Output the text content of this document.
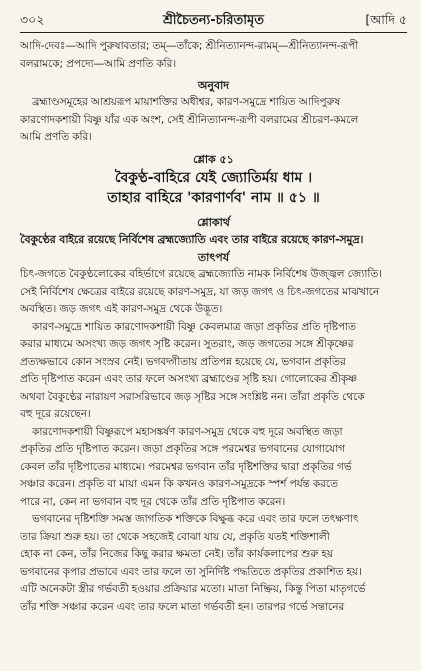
৩০২	শ্রীচৈতন্য-চরিতামৃত	[আদি ৫
আদি-দেবঃ—আদি পুরুষাবতার; তম্—তাঁকে; শ্রীনিত্যানন্দ-রামম্—শ্রীনিত্যানন্দ-রূপী
বলরামকে; প্রপদ্যে—আমি প্রণতি করি।
অনুবাদ
ব্রহ্মাণ্ডসমূহের আশ্রয়রূপ মায়াশক্তির অধীশ্বর, কারণ-সমুদ্রে শায়িত আদিপুরুষ
কারণোদকশায়ী বিষ্ণু যাঁর এক অংশ, সেই শ্রীনিত্যানন্দ-রূপী বলরামের শ্রীচরণ-কমলে
আমি প্রণতি করি।
শ্লোক ৫১
বৈকুণ্ঠ-বাহিরে যেই জ্যোতির্ময় ধাম ।
তাহার বাহিরে 'কারণার্ণব' নাম ॥ ৫১ ॥
শ্লোকার্থ
বৈকুণ্ঠের বাইরে রয়েছে নির্বিশেষ ব্রহ্মজ্যোতি এবং তার বাইরে রয়েছে কারণ-সমুদ্র।
তাৎপর্য
চিৎ-জগতে বৈকুণ্ঠলোকের বহির্ভাগে রয়েছে ব্রহ্মজ্যোতি নামক নির্বিশেষ উজ্জ্বল জ্যোতি।
সেই নির্বিশেষ ক্ষেত্রের বাইরে রয়েছে কারণ-সমুদ্র, যা জড় জগৎ ও চিৎ-জগতের মাঝখানে
অবস্থিত। জড় জগৎ এই কারণ-সমুদ্র থেকে উদ্ভূত।
কারণ-সমুদ্রে শায়িত কারণোদকশায়ী বিষ্ণু কেবলমাত্র জড়া প্রকৃতির প্রতি দৃষ্টিপাত
করার মাধ্যমে অসংখ্য জড় জগৎ সৃষ্টি করেন। সুতরাং, জড় জগতের সঙ্গে শ্রীকৃষ্ণের
প্রত্যক্ষভাবে কোন সংস্রব নেই। ভগবদ্গীতায় প্রতিপন্ন হয়েছে যে, ভগবান প্রকৃতির
প্রতি দৃষ্টিপাত করেন এবং তার ফলে অসংখ্য ব্রহ্মাণ্ডের সৃষ্টি হয়। গোলোকের শ্রীকৃষ্ণ
অথবা বৈকুণ্ঠের নারায়ণ সরাসরিভাবে জড় সৃষ্টির সঙ্গে সংশ্লিষ্ট নন। তাঁরা প্রকৃতি থেকে
বহু দূরে রয়েছেন।
কারণোদকশায়ী বিষ্ণুরূপে মহাসঙ্কর্ষণ কারণ-সমুদ্র থেকে বহু দূরে অবস্থিত জড়া
প্রকৃতির প্রতি দৃষ্টিপাত করেন। জড়া প্রকৃতির সঙ্গে পরমেশ্বর ভগবানের যোগাযোগ
কেবল তাঁর দৃষ্টিপাতের মাধ্যমে। পরমেশ্বর ভগবান তাঁর দৃষ্টিশক্তির দ্বারা প্রকৃতির গর্ভ
সঞ্চার করেন। প্রকৃতি বা মায়া এমন কি কখনও কারণ-সমুদ্রকে স্পর্শ পর্যন্ত করতে
পারে না, কেন না ভগবান বহু দূর থেকে তাঁর প্রতি দৃষ্টিপাত করেন।
ভগবানের দৃষ্টিশক্তি সমস্ত জাগতিক শক্তিকে বিক্ষুব্ধ করে এবং তার ফলে তৎক্ষণাৎ
তার ক্রিয়া শুরু হয়। তা থেকে সহজেই বোঝা যায় যে, প্রকৃতি যতই শক্তিশালী
হোক না কেন, তাঁর নিজের কিছু করার ক্ষমতা নেই। তাঁর কার্যকলাপের শুরু হয়
ভগবানের কৃপার প্রভাবে এবং তার ফলে তা সুনির্দিষ্ট পদ্ধতিতে প্রকৃতির প্রকাশিত হয়।
এটি অনেকটা স্ত্রীর গর্ভবতী হওয়ার প্রক্রিয়ার মতো। মাতা নিষ্ক্রিয়, কিন্তু পিতা মাতৃগর্ভে
তাঁর শক্তি সঞ্চার করেন এবং তার ফলে মাতা গর্ভবতী হন। তারপর গর্ভে সন্তানের
